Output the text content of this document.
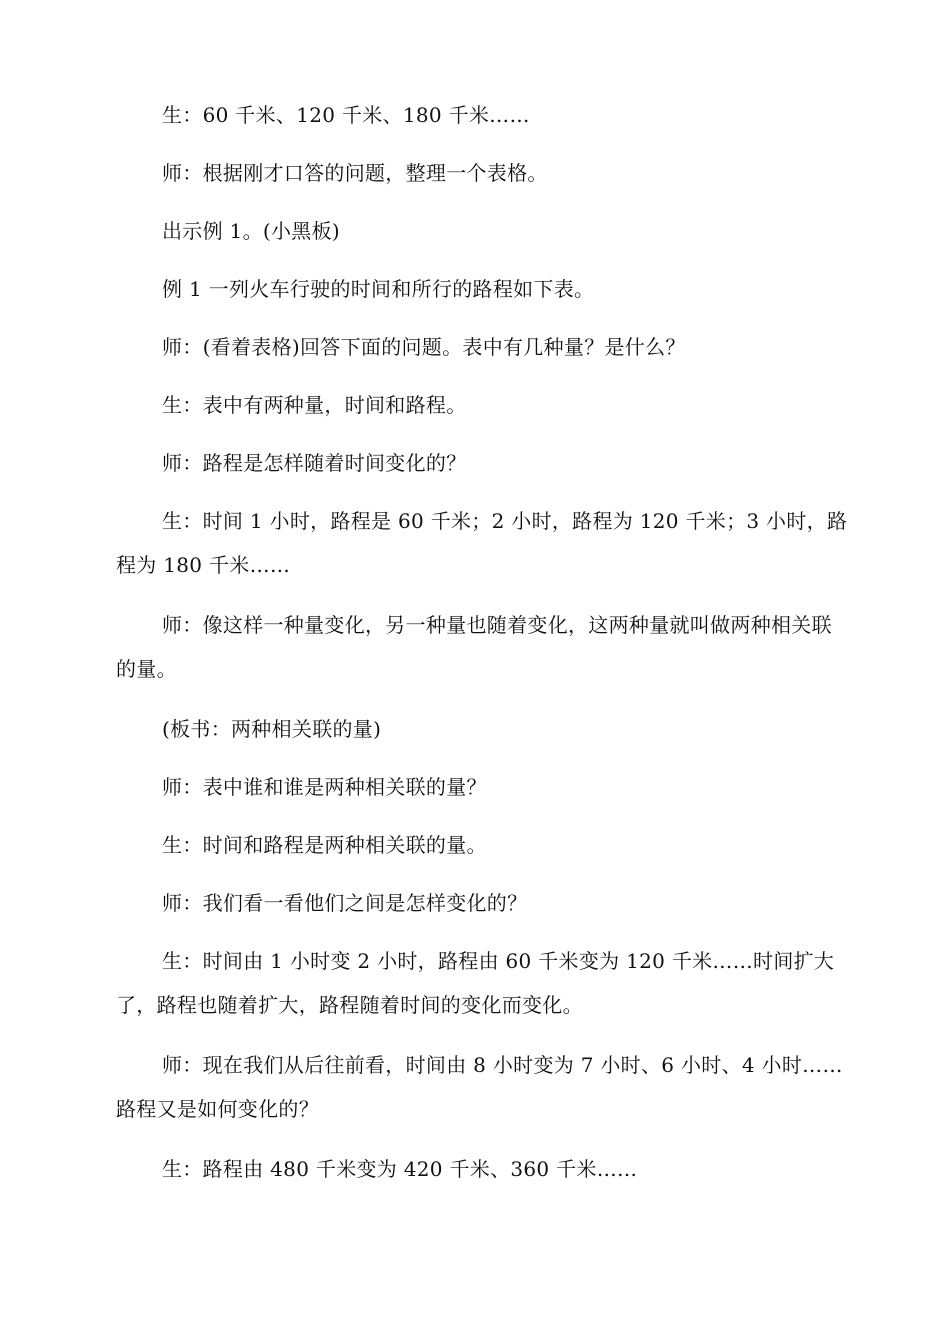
生：60 千米、120 千米、180 千米……

师：根据刚才口答的问题，整理一个表格。

出示例 1。(小黑板)

例 1 一列火车行驶的时间和所行的路程如下表。

师：(看着表格)回答下面的问题。表中有几种量？是什么？

生：表中有两种量，时间和路程。

师：路程是怎样随着时间变化的？

生：时间 1 小时，路程是 60 千米；2 小时，路程为 120 千米；3 小时，路程为 180 千米……

师：像这样一种量变化，另一种量也随着变化，这两种量就叫做两种相关联的量。

(板书：两种相关联的量)

师：表中谁和谁是两种相关联的量？

生：时间和路程是两种相关联的量。

师：我们看一看他们之间是怎样变化的？

生：时间由 1 小时变 2 小时，路程由 60 千米变为 120 千米……时间扩大了，路程也随着扩大，路程随着时间的变化而变化。

师：现在我们从后往前看，时间由 8 小时变为 7 小时、6 小时、4 小时……路程又是如何变化的？

生：路程由 480 千米变为 420 千米、360 千米……
